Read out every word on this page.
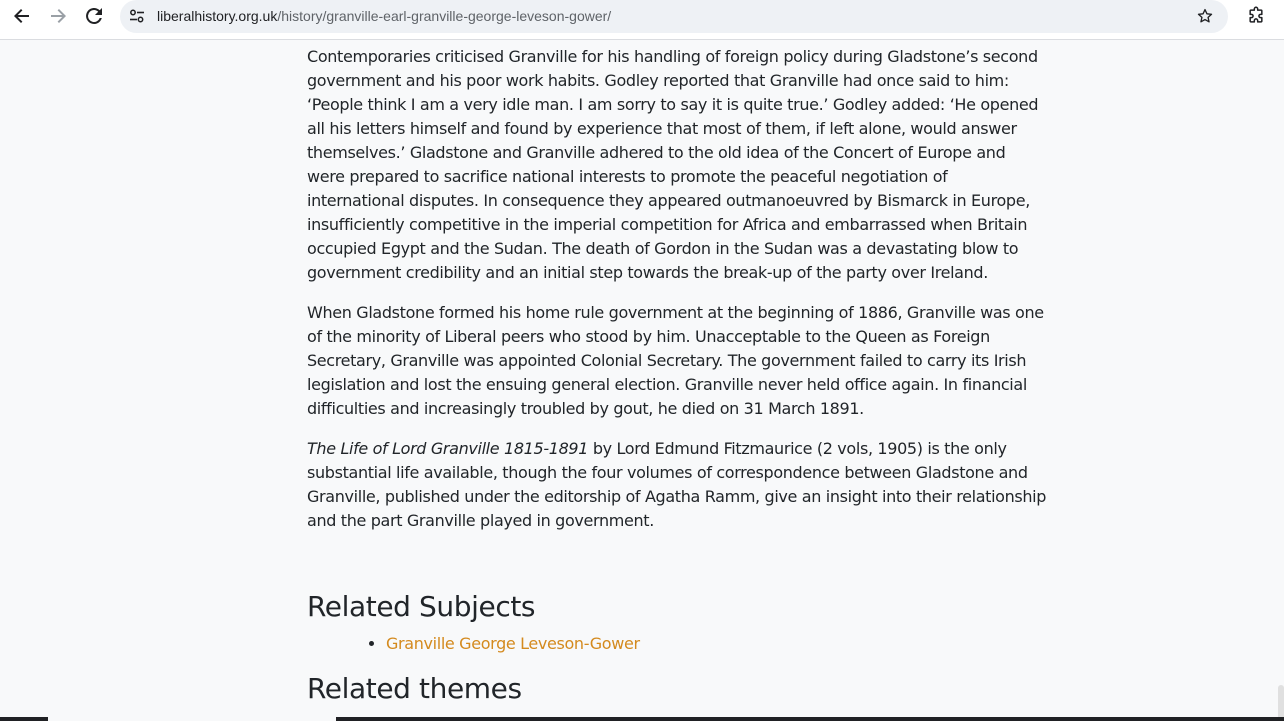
liberalhistory.org.uk/history/granville-earl-granville-george-leveson-gower/

Contemporaries criticised Granville for his handling of foreign policy during Gladstone’s second government and his poor work habits. Godley reported that Granville had once said to him: ‘People think I am a very idle man. I am sorry to say it is quite true.’ Godley added: ‘He opened all his letters himself and found by experience that most of them, if left alone, would answer themselves.’ Gladstone and Granville adhered to the old idea of the Concert of Europe and were prepared to sacrifice national interests to promote the peaceful negotiation of international disputes. In consequence they appeared outmanoeuvred by Bismarck in Europe, insufficiently competitive in the imperial competition for Africa and embarrassed when Britain occupied Egypt and the Sudan. The death of Gordon in the Sudan was a devastating blow to government credibility and an initial step towards the break-up of the party over Ireland.

When Gladstone formed his home rule government at the beginning of 1886, Granville was one of the minority of Liberal peers who stood by him. Unacceptable to the Queen as Foreign Secretary, Granville was appointed Colonial Secretary. The government failed to carry its Irish legislation and lost the ensuing general election. Granville never held office again. In financial difficulties and increasingly troubled by gout, he died on 31 March 1891.

The Life of Lord Granville 1815-1891 by Lord Edmund Fitzmaurice (2 vols, 1905) is the only substantial life available, though the four volumes of correspondence between Gladstone and Granville, published under the editorship of Agatha Ramm, give an insight into their relationship and the part Granville played in government.

Related Subjects
• Granville George Leveson-Gower
Related themes
